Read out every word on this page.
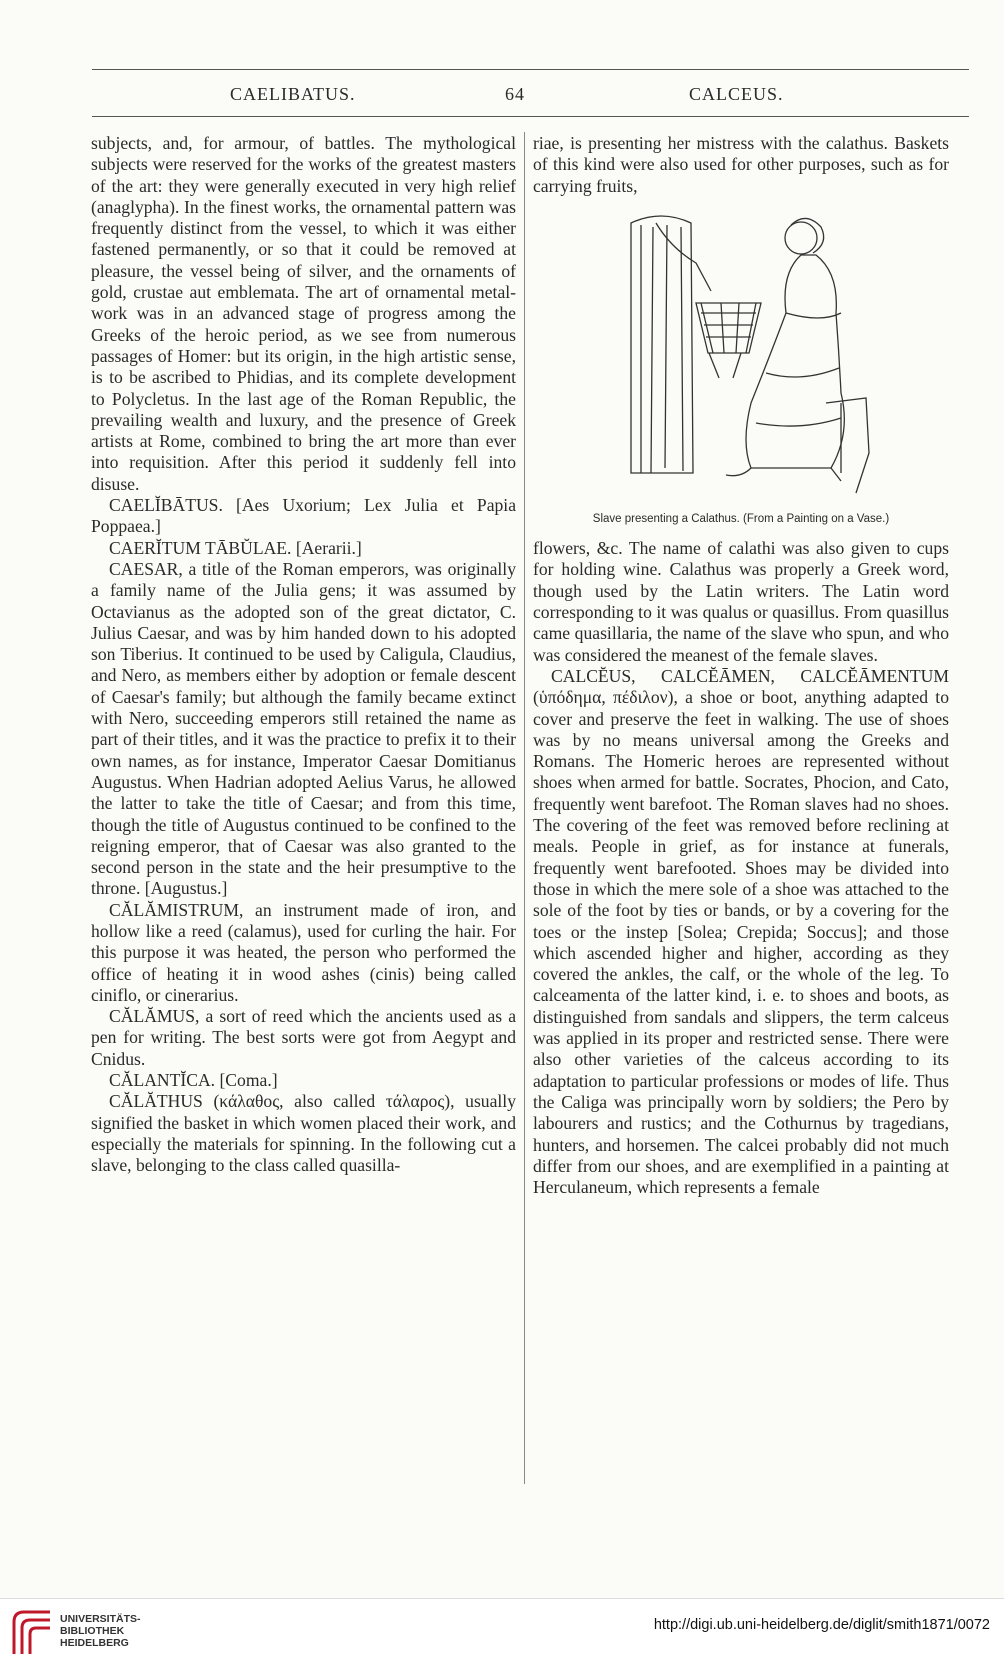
CAELIBATUS.	64	CALCEUS.

subjects, and, for armour, of battles. The mythological subjects were reserved for the works of the greatest masters of the art: they were generally executed in very high relief (anaglypha). In the finest works, the ornamental pattern was frequently distinct from the vessel, to which it was either fastened permanently, or so that it could be removed at pleasure, the vessel being of silver, and the ornaments of gold, crustae aut emblemata. The art of ornamental metal-work was in an advanced stage of progress among the Greeks of the heroic period, as we see from numerous passages of Homer: but its origin, in the high artistic sense, is to be ascribed to Phidias, and its complete development to Polycletus. In the last age of the Roman Republic, the prevailing wealth and luxury, and the presence of Greek artists at Rome, combined to bring the art more than ever into requisition. After this period it suddenly fell into disuse.

CAELĬBĀTUS. [Aes Uxorium; Lex Julia et Papia Poppaea.]

CAERĬTUM TĀBŬLAE. [Aerarii.]

CAESAR, a title of the Roman emperors, was originally a family name of the Julia gens; it was assumed by Octavianus as the adopted son of the great dictator, C. Julius Caesar, and was by him handed down to his adopted son Tiberius. It continued to be used by Caligula, Claudius, and Nero, as members either by adoption or female descent of Caesar's family; but although the family became extinct with Nero, succeeding emperors still retained the name as part of their titles, and it was the practice to prefix it to their own names, as for instance, Imperator Caesar Domitianus Augustus. When Hadrian adopted Aelius Varus, he allowed the latter to take the title of Caesar; and from this time, though the title of Augustus continued to be confined to the reigning emperor, that of Caesar was also granted to the second person in the state and the heir presumptive to the throne. [Augustus.]

CĂLĂMISTRUM, an instrument made of iron, and hollow like a reed (calamus), used for curling the hair. For this purpose it was heated, the person who performed the office of heating it in wood ashes (cinis) being called ciniflo, or cinerarius.

CĂLĂMUS, a sort of reed which the ancients used as a pen for writing. The best sorts were got from Aegypt and Cnidus.

CĂLANTĬCA. [Coma.]

CĂLĂTHUS (κάλαθος, also called τάλαρος), usually signified the basket in which women placed their work, and especially the materials for spinning. In the following cut a slave, belonging to the class called quasilla-

riae, is presenting her mistress with the calathus. Baskets of this kind were also used for other purposes, such as for carrying fruits,

Slave presenting a Calathus. (From a Painting on a Vase.)

flowers, &c. The name of calathi was also given to cups for holding wine. Calathus was properly a Greek word, though used by the Latin writers. The Latin word corresponding to it was qualus or quasillus. From quasillus came quasillaria, the name of the slave who spun, and who was considered the meanest of the female slaves.

CALCĔUS, CALCĔĀMEN, CALCĔĀMENTUM (ὑπόδημα, πέδιλον), a shoe or boot, anything adapted to cover and preserve the feet in walking. The use of shoes was by no means universal among the Greeks and Romans. The Homeric heroes are represented without shoes when armed for battle. Socrates, Phocion, and Cato, frequently went barefoot. The Roman slaves had no shoes. The covering of the feet was removed before reclining at meals. People in grief, as for instance at funerals, frequently went barefooted. Shoes may be divided into those in which the mere sole of a shoe was attached to the sole of the foot by ties or bands, or by a covering for the toes or the instep [Solea; Crepida; Soccus]; and those which ascended higher and higher, according as they covered the ankles, the calf, or the whole of the leg. To calceamenta of the latter kind, i. e. to shoes and boots, as distinguished from sandals and slippers, the term calceus was applied in its proper and restricted sense. There were also other varieties of the calceus according to its adaptation to particular professions or modes of life. Thus the Caliga was principally worn by soldiers; the Pero by labourers and rustics; and the Cothurnus by tragedians, hunters, and horsemen. The calcei probably did not much differ from our shoes, and are exemplified in a painting at Herculaneum, which represents a female

UNIVERSITÄTS-
BIBLIOTHEK
HEIDELBERG
http://digi.ub.uni-heidelberg.de/diglit/smith1871/0072
